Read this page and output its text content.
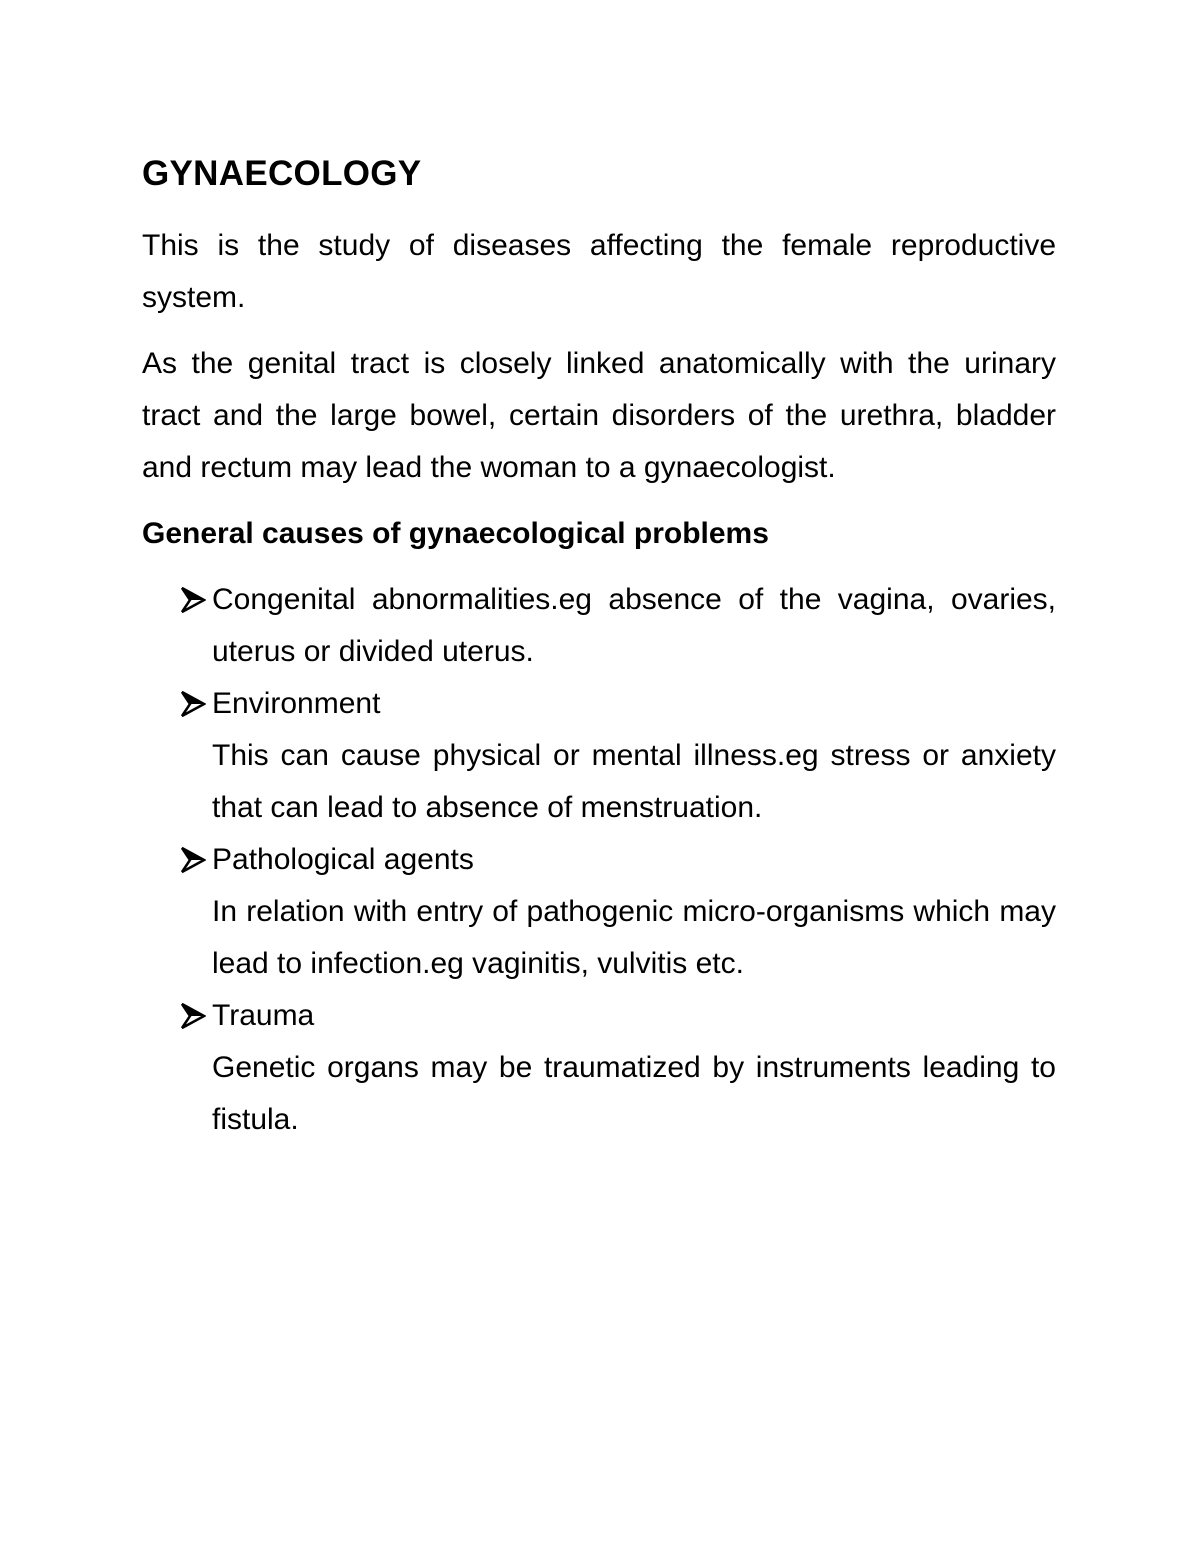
GYNAECOLOGY

This is the study of diseases affecting the female reproductive system.

As the genital tract is closely linked anatomically with the urinary tract and the large bowel, certain disorders of the urethra, bladder and rectum may lead the woman to a gynaecologist.

General causes of gynaecological problems
Congenital abnormalities.eg absence of the vagina, ovaries, uterus or divided uterus.
Environment
This can cause physical or mental illness.eg stress or anxiety that can lead to absence of menstruation.
Pathological agents
In relation with entry of pathogenic micro-organisms which may lead to infection.eg vaginitis, vulvitis etc.
Trauma
Genetic organs may be traumatized by instruments leading to fistula.
